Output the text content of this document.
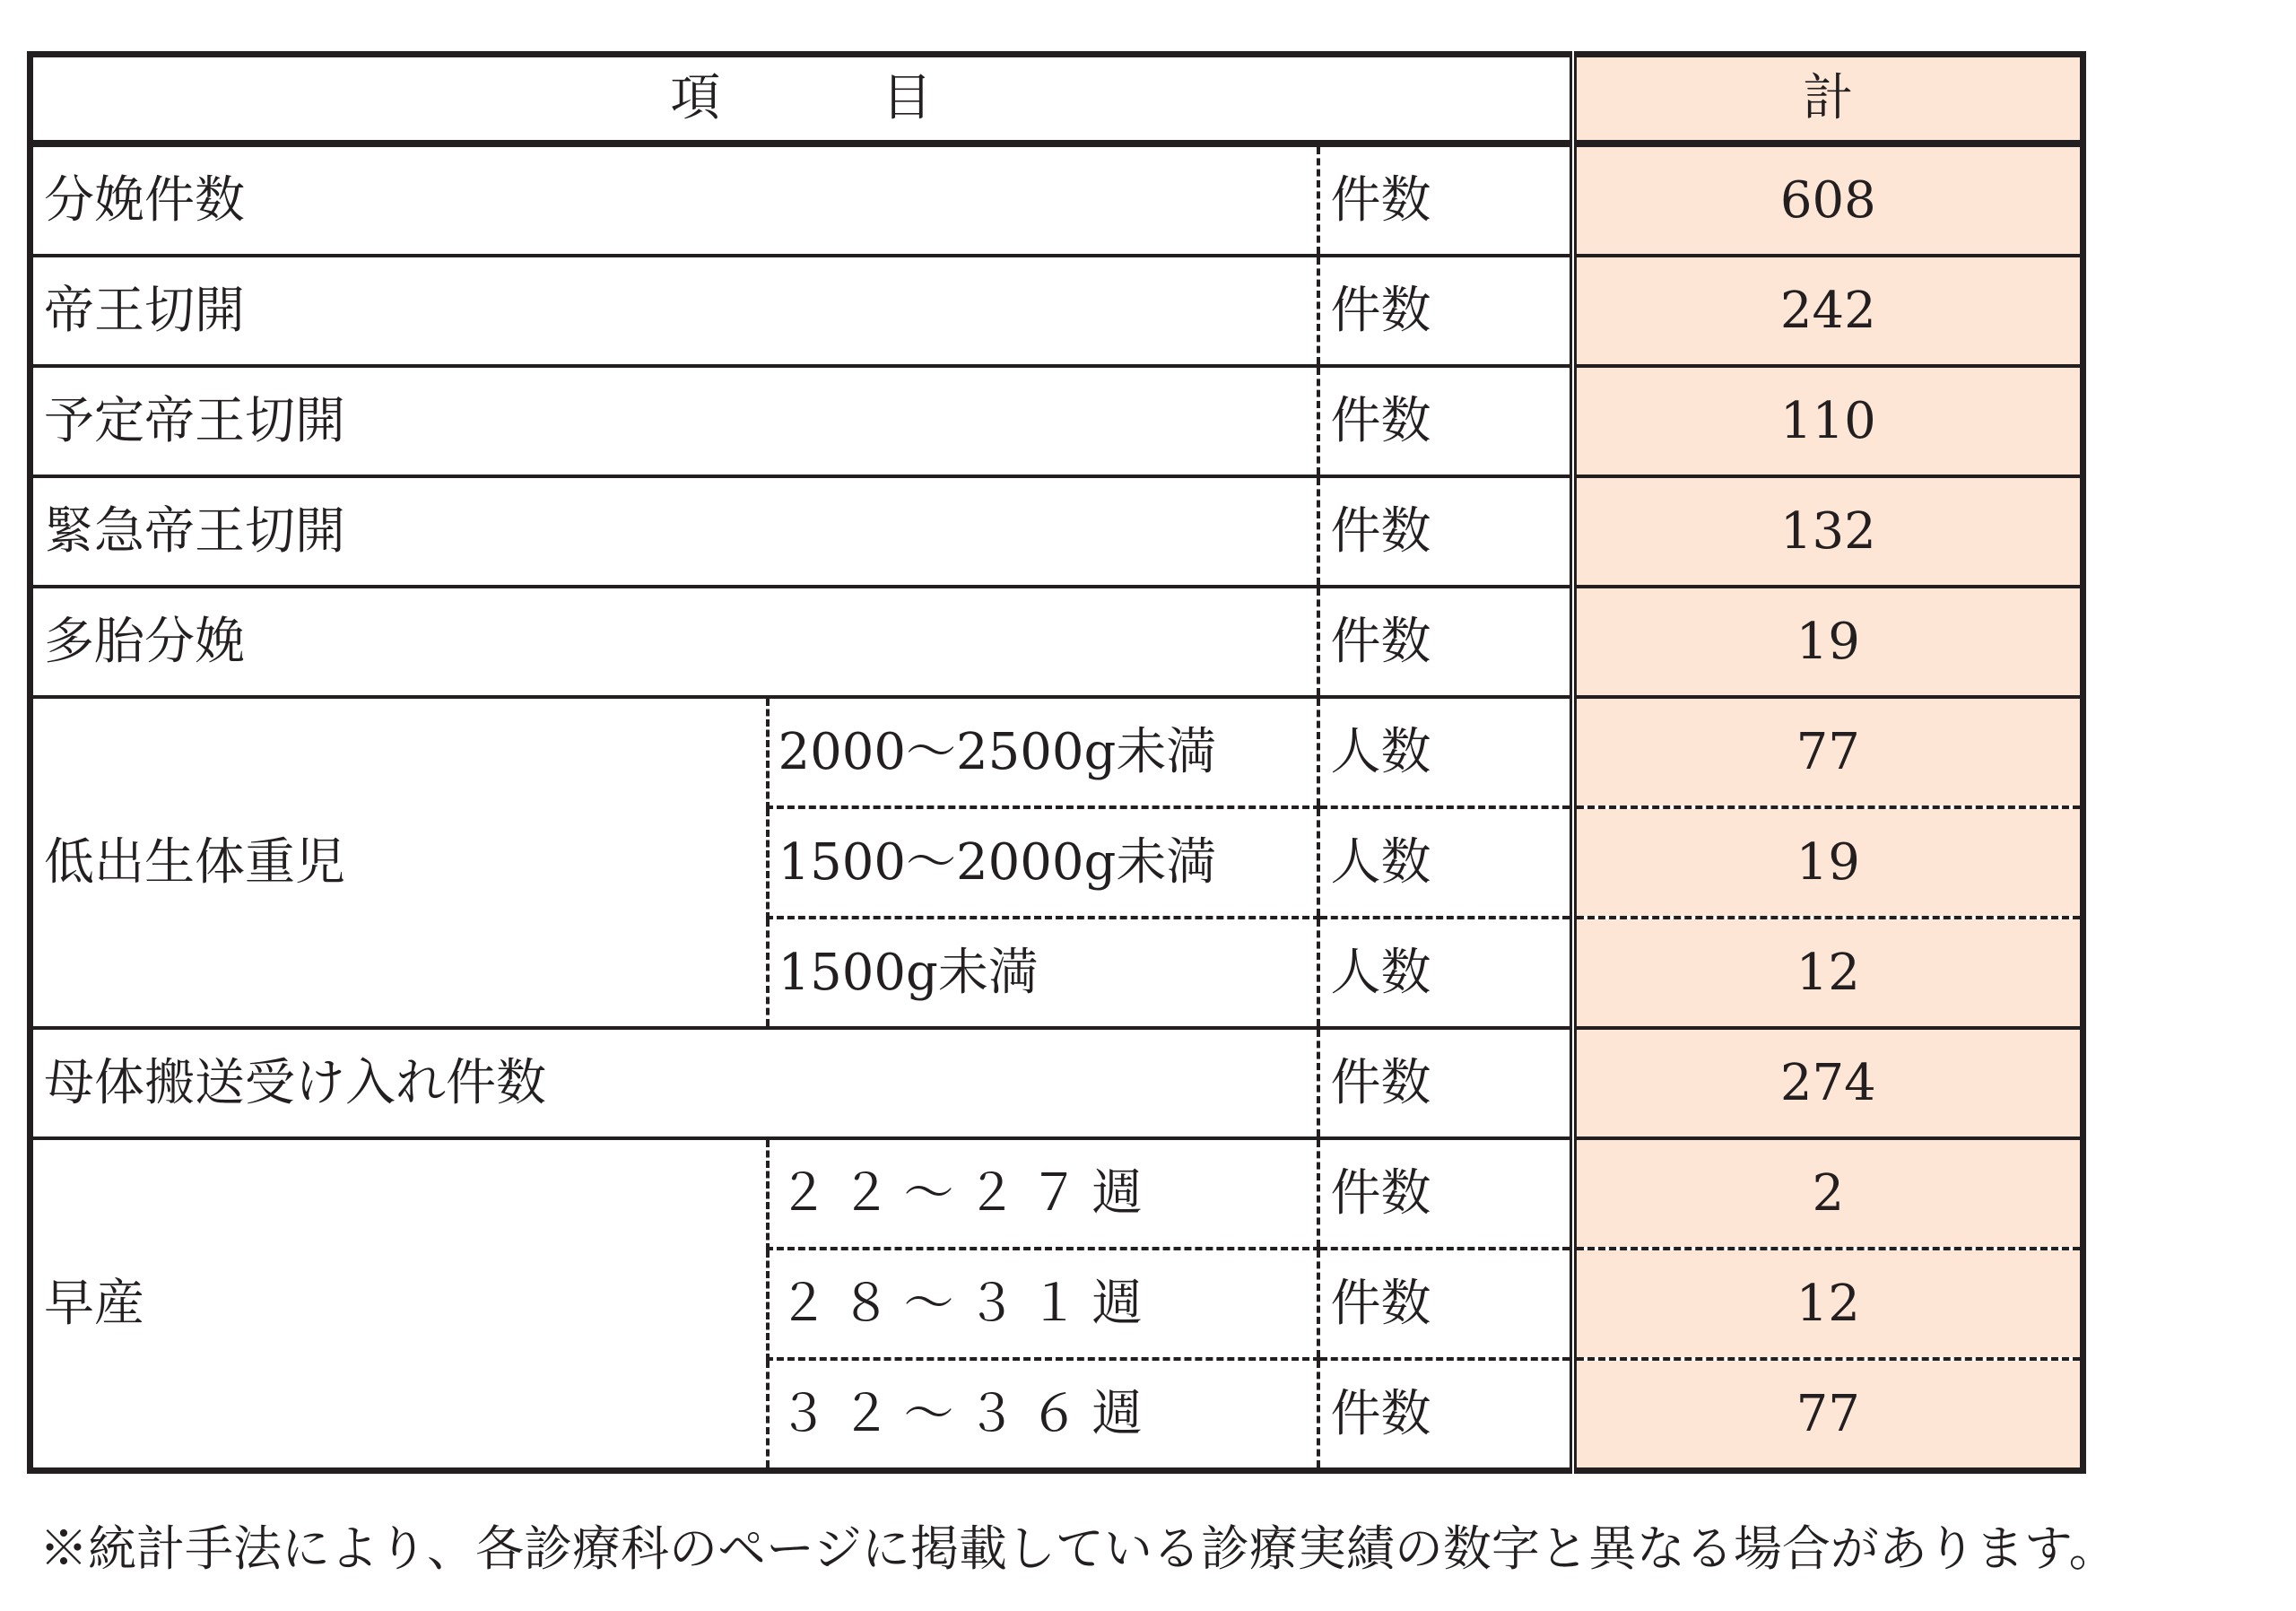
項 目			計
分娩件数		件数	608
帝王切開		件数	242
予定帝王切開		件数	110
緊急帝王切開		件数	132
多胎分娩		件数	19
低出生体重児	2000～2500g未満	人数	77
	1500～2000g未満	人数	19
	1500g未満	人数	12
母体搬送受け入れ件数		件数	274
早産	２２～２７週	件数	2
	２８～３１週	件数	12
	３２～３６週	件数	77
※統計手法により、各診療科のページに掲載している診療実績の数字と異なる場合があります。
